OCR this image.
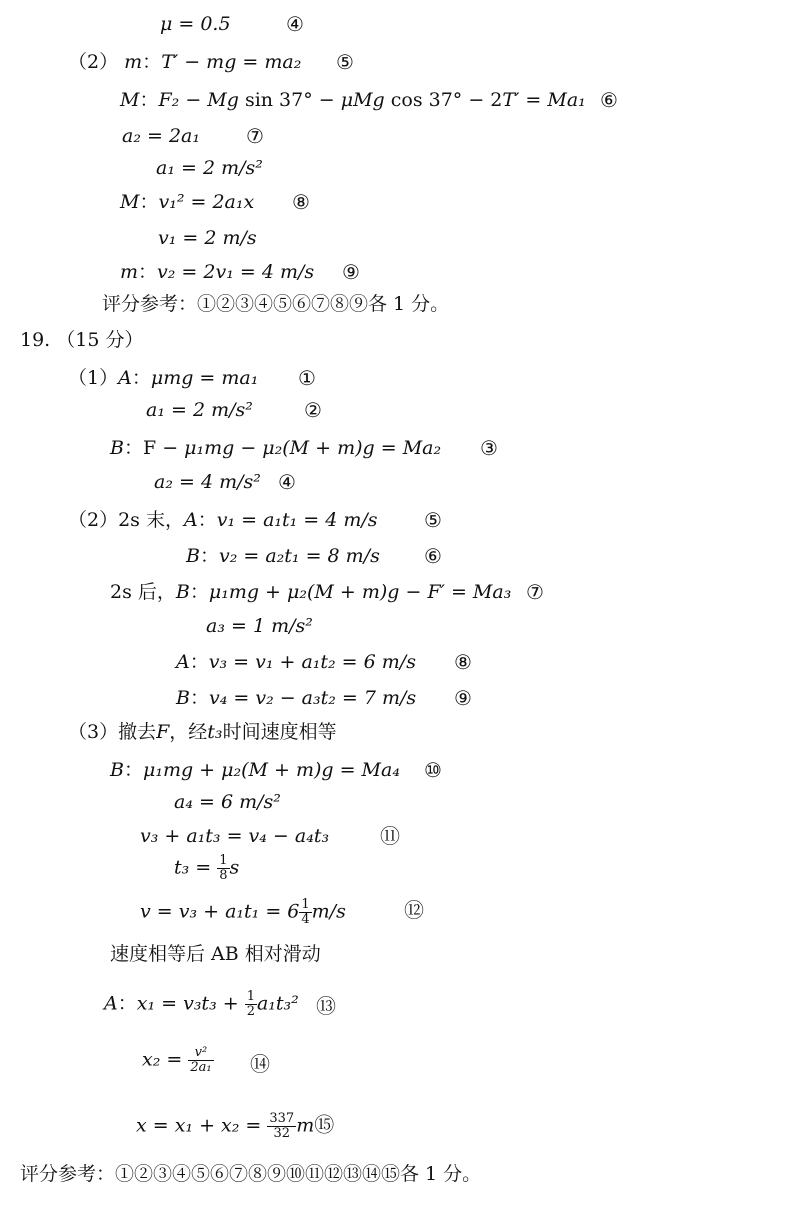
μ = 0.5	④
（2） m：T′ − mg = ma₂ ⑤
M：F₂ − Mg sin 37° − μMg cos 37° − 2T′ = Ma₁ ⑥
a₂ = 2a₁ ⑦
a₁ = 2 m/s²
M：v₁² = 2a₁x ⑧
v₁ = 2 m/s
m：v₂ = 2v₁ = 4 m/s ⑨
评分参考：①②③④⑤⑥⑦⑧⑨各 1 分。
19. （15 分）
（1）A：μmg = ma₁ ①
a₁ = 2 m/s²	②
B：F − μ₁mg − μ₂(M + m)g = Ma₂ ③
a₂ = 4 m/s² ④
（2）2s 末，A：v₁ = a₁t₁ = 4 m/s ⑤
B：v₂ = a₂t₁ = 8 m/s ⑥
2s 后，B：μ₁mg + μ₂(M + m)g − F′ = Ma₃ ⑦
a₃ = 1 m/s²
A：v₃ = v₁ + a₁t₂ = 6 m/s ⑧
B：v₄ = v₂ − a₃t₂ = 7 m/s ⑨
（3）撤去F，经t₃时间速度相等
B：μ₁mg + μ₂(M + m)g = Ma₄ ⑩
a₄ = 6 m/s²
v₃ + a₁t₃ = v₄ − a₄t₃	⑪
$t_3 = \frac{1}{8}$ s
$v = v_3 + a_1t_1 = 6 \frac{1}{4} m/s$	⑫
速度相等后 AB 相对滑动
A：$x_1 = v_3t_3 + \frac{1}{2} a_1t_3^2$ ⑬
$x_2 = \frac{\text{v²}}{\text{2a₁}}$ ⑭
$x = x_1 + x_2 = \frac{337}{32}$ m⑮
评分参考：①②③④⑤⑥⑦⑧⑨⑩⑪⑫⑬⑭⑮各 1 分。
